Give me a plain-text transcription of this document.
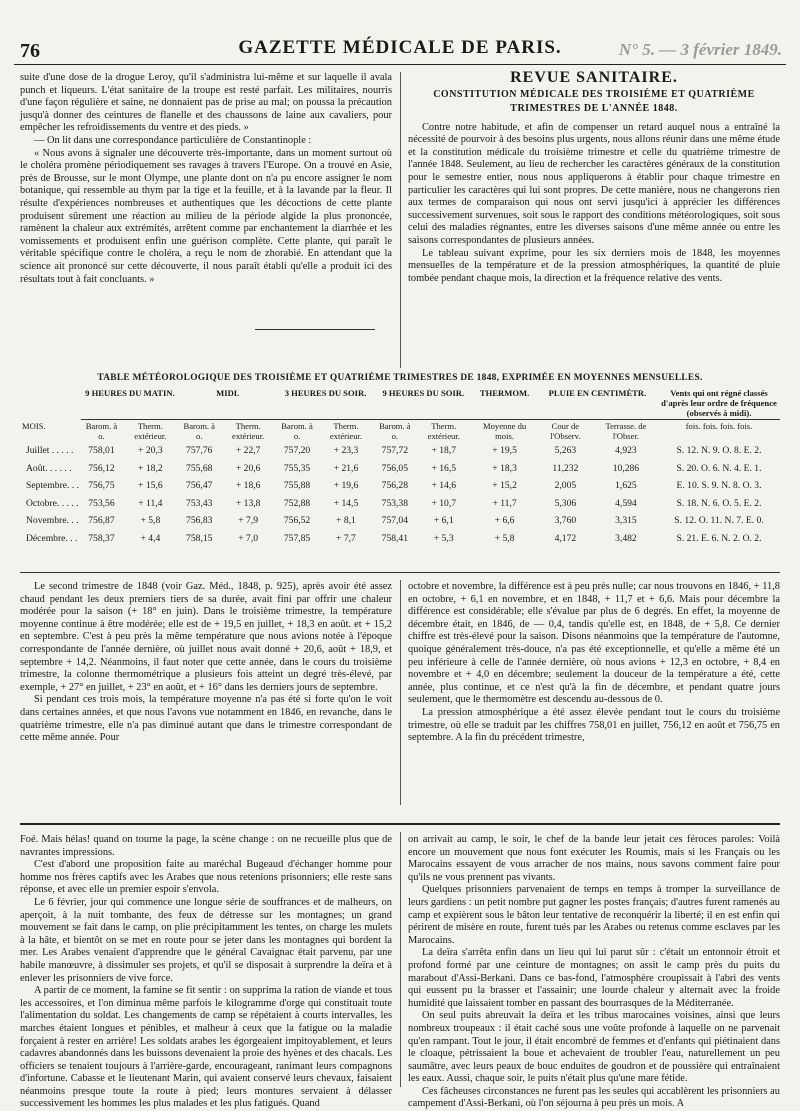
76	GAZETTE MÉDICALE DE PARIS.	N° 5. — 3 février 1849.

suite d'une dose de la drogue Leroy, qu'il s'administra lui-même et sur laquelle il avala punch et liqueurs. L'état sanitaire de la troupe est resté parfait. Les militaires, nourris d'une façon régulière et saine, ne donnaient pas de prise au mal; on poussa la précaution jusqu'à donner des ceintures de flanelle et des chaussons de laine aux cavaliers, pour empêcher les refroidissements du ventre et des pieds. »

— On lit dans une correspondance particulière de Constantinople :

« Nous avons à signaler une découverte très-importante, dans un moment surtout où le choléra promène périodiquement ses ravages à travers l'Europe. On a trouvé en Asie, près de Brousse, sur le mont Olympe, une plante dont on n'a pu encore assigner le nom botanique, qui ressemble au thym par la tige et la feuille, et à la lavande par la fleur. Il résulte d'expériences nombreuses et authentiques que les décoctions de cette plante produisent sûrement une réaction au milieu de la période algide la plus prononcée, ramènent la chaleur aux extrémités, arrêtent comme par enchantement la diarrhée et les vomissements et produisent enfin une guérison complète. Cette plante, qui paraît le véritable spécifique contre le choléra, a reçu le nom de zhorabié. En attendant que la science ait prononcé sur cette découverte, il nous paraît établi qu'elle a produit ici des résultats tout à fait concluants. »

REVUE SANITAIRE.
CONSTITUTION MÉDICALE DES TROISIÈME ET QUATRIÈME TRIMESTRES DE L'ANNÉE 1848.

Contre notre habitude, et afin de compenser un retard auquel nous a entraîné la nécessité de pourvoir à des besoins plus urgents, nous allons réunir dans une même étude et la constitution médicale du troisième trimestre et celle du quatrième trimestre de l'année 1848. Seulement, au lieu de rechercher les caractères généraux de la constitution pour le semestre entier, nous nous appliquerons à établir pour chaque trimestre en particulier les caractères qui lui sont propres. De cette manière, nous ne changerons rien aux termes de comparaison qui nous ont servi jusqu'ici à apprécier les différences successivement survenues, soit sous le rapport des conditions météorologiques, soit sous celui des maladies régnantes, entre les diverses saisons d'une même année ou entre les saisons correspondantes de plusieurs années.

Le tableau suivant exprime, pour les six derniers mois de 1848, les moyennes mensuelles de la température et de la pression atmosphériques, la quantité de pluie tombée pendant chaque mois, la direction et la fréquence relative des vents.

TABLE MÉTÉOROLOGIQUE DES TROISIÈME ET QUATRIÈME TRIMESTRES DE 1848, EXPRIMÉE EN MOYENNES MENSUELLES.
	9 HEURES DU MATIN.		MIDI.		3 HEURES DU SOIR.		9 HEURES DU SOIR.		THERMOM.	PLUIE EN CENTIMÈTR.		Vents qui ont régné classés d'après leur ordre de fréquence (observés à midi).
MOIS.	Barom. à o.	Therm. extérieur.	Barom. à o.	Therm. extérieur.	Barom. à o.	Therm. extérieur.	Barom. à o.	Therm. extérieur.	Moyenne du mois.	Cour de l'Observ.	Terrasse. de l'Obser.	fois. fois. fois. fois.
Juillet . . . . .	758,01	+ 20,3	757,76	+ 22,7	757,20	+ 23,3	757,72	+ 18,7	+ 19,5	5,263	4,923	S. 12. N. 9. O. 8. E. 2.
Août. . . . . .	756,12	+ 18,2	755,68	+ 20,6	755,35	+ 21,6	756,05	+ 16,5	+ 18,3	11,232	10,286	S. 20. O. 6. N. 4. E. 1.
Septembre. . .	756,75	+ 15,6	756,47	+ 18,6	755,88	+ 19,6	756,28	+ 14,6	+ 15,2	2,005	1,625	E. 10. S. 9. N. 8. O. 3.
Octobre. . . . .	753,56	+ 11,4	753,43	+ 13,8	752,88	+ 14,5	753,38	+ 10,7	+ 11,7	5,306	4,594	S. 18. N. 6. O. 5. E. 2.
Novembre. . .	756,87	+ 5,8	756,83	+ 7,9	756,52	+ 8,1	757,04	+ 6,1	+ 6,6	3,760	3,315	S. 12. O. 11. N. 7. E. 0.
Décembre. . .	758,37	+ 4,4	758,15	+ 7,0	757,85	+ 7,7	758,41	+ 5,3	+ 5,8	4,172	3,482	S. 21. E. 6. N. 2. O. 2.

Le second trimestre de 1848 (voir Gaz. Méd., 1848, p. 925), après avoir été assez chaud pendant les deux premiers tiers de sa durée, avait fini par offrir une chaleur modérée pour la saison (+ 18° en juin). Dans le troisième trimestre, la température moyenne continue à être modérée; elle est de + 19,5 en juillet, + 18,3 en août. et + 15,2 en septembre. C'est à peu près la même température que nous avions notée à l'époque correspondante de l'année dernière, où juillet nous avait donné + 20,6, août + 18,9, et septembre + 14,2. Néanmoins, il faut noter que cette année, dans le cours du troisième trimestre, la colonne thermométrique a plusieurs fois atteint un degré très-élevé, par exemple, + 27° en juillet, + 23° en août, et + 16° dans les derniers jours de septembre.

Si pendant ces trois mois, la température moyenne n'a pas été si forte qu'on le voit dans certaines années, et que nous l'avons vue notamment en 1846, en revanche, dans le quatrième trimestre, elle n'a pas diminué autant que dans le trimestre correspondant de cette même année. Pour

octobre et novembre, la différence est à peu près nulle; car nous trouvons en 1846, + 11,8 en octobre, + 6,1 en novembre, et en 1848, + 11,7 et + 6,6. Mais pour décembre la différence est considérable; elle s'évalue par plus de 6 degrés. En effet, la moyenne de décembre était, en 1846, de — 0,4, tandis qu'elle est, en 1848, de + 5,8. Ce dernier chiffre est très-élevé pour la saison. Disons néanmoins que la température de l'automne, quoique généralement très-douce, n'a pas été exceptionnelle, et qu'elle a même été un peu inférieure à celle de l'année dernière, où nous avions + 12,3 en octobre, + 8,4 en novembre et + 4,0 en décembre; seulement la douceur de la température a été, cette année, plus continue, et ce n'est qu'à la fin de décembre, et pendant quatre jours seulement, que le thermomètre est descendu au-dessous de 0.

La pression atmosphérique a été assez élevée pendant tout le cours du troisième trimestre, où elle se traduit par les chiffres 758,01 en juillet, 756,12 en août et 756,75 en septembre. A la fin du précédent trimestre,

Foé. Mais hélas! quand on tourne la page, la scène change : on ne recueille plus que de navrantes impressions.

C'est d'abord une proposition faite au maréchal Bugeaud d'échanger homme pour homme nos frères captifs avec les Arabes que nous retenions prisonniers; elle reste sans réponse, et avec elle un premier espoir s'envola.

Le 6 février, jour qui commence une longue série de souffrances et de malheurs, on aperçoit, à la nuit tombante, des feux de détresse sur les montagnes; un grand mouvement se fait dans le camp, on plie précipitamment les tentes, on charge les mulets à la hâte, et bientôt on se met en route pour se jeter dans les montagnes qui bordent la mer. Les Arabes venaient d'apprendre que le général Cavaignac était parvenu, par une habile manœuvre, à dissimuler ses projets, et qu'il se disposait à surprendre la deïra et à enlever les prisonniers de vive force.

A partir de ce moment, la famine se fit sentir : on supprima la ration de viande et tous les accessoires, et l'on diminua même parfois le kilogramme d'orge qui constituait toute l'alimentation du soldat. Les changements de camp se répétaient à courts intervalles, les marches étaient longues et pénibles, et malheur à ceux que la fatigue ou la maladie forçaient à rester en arrière! Les soldats arabes les égorgeaient impitoyablement, et leurs cadavres abandonnés dans les buissons devenaient la proie des hyènes et des chacals. Les officiers se tenaient toujours à l'arrière-garde, encourageant, ranimant leurs compagnons d'infortune. Cabasse et le lieutenant Marin, qui avaient conservé leurs chevaux, faisaient néanmoins presque toute la route à pied; leurs montures servaient à délasser successivement les hommes les plus malades et les plus fatigués. Quand

on arrivait au camp, le soir, le chef de la bande leur jetait ces féroces paroles: Voilà encore un mouvement que nous font exécuter les Roumis, mais si les Français ou les Marocains essayent de vous arracher de nos mains, nous savons comment faire pour qu'ils ne vous prennent pas vivants.

Quelques prisonniers parvenaient de temps en temps à tromper la surveillance de leurs gardiens : un petit nombre put gagner les postes français; d'autres furent ramenés au camp et expièrent sous le bâton leur tentative de reconquérir la liberté; il en est enfin qui périrent de misère en route, furent tués par les Arabes ou retenus comme esclaves par les Marocains.

La deïra s'arrêta enfin dans un lieu qui lui parut sûr : c'était un entonnoir étroit et profond formé par une ceinture de montagnes; on assit le camp près du puits du marabout d'Assi-Berkani. Dans ce bas-fond, l'atmosphère croupissait à l'abri des vents qui eussent pu la brasser et l'assainir; une lourde chaleur y alternait avec la froide humidité que laissaient tomber en passant des bourrasques de la Méditerranée.

On seul puits abreuvait la deïra et les tribus marocaines voisines, ainsi que leurs nombreux troupeaux : il était caché sous une voûte profonde à laquelle on ne parvenait qu'en rampant. Tout le jour, il était encombré de femmes et d'enfants qui piétinaient dans le cloaque, pétrissaient la boue et achevaient de troubler l'eau, naturellement un peu saumâtre, avec leurs peaux de bouc enduites de goudron et de poussière qui entraînaient les eaux. Aussi, chaque soir, le puits n'était plus qu'une mare fétide.

Ces fâcheuses circonstances ne furent pas les seules qui accablèrent les prisonniers au campement d'Assi-Berkani, où l'on séjourna à peu près un mois. A
